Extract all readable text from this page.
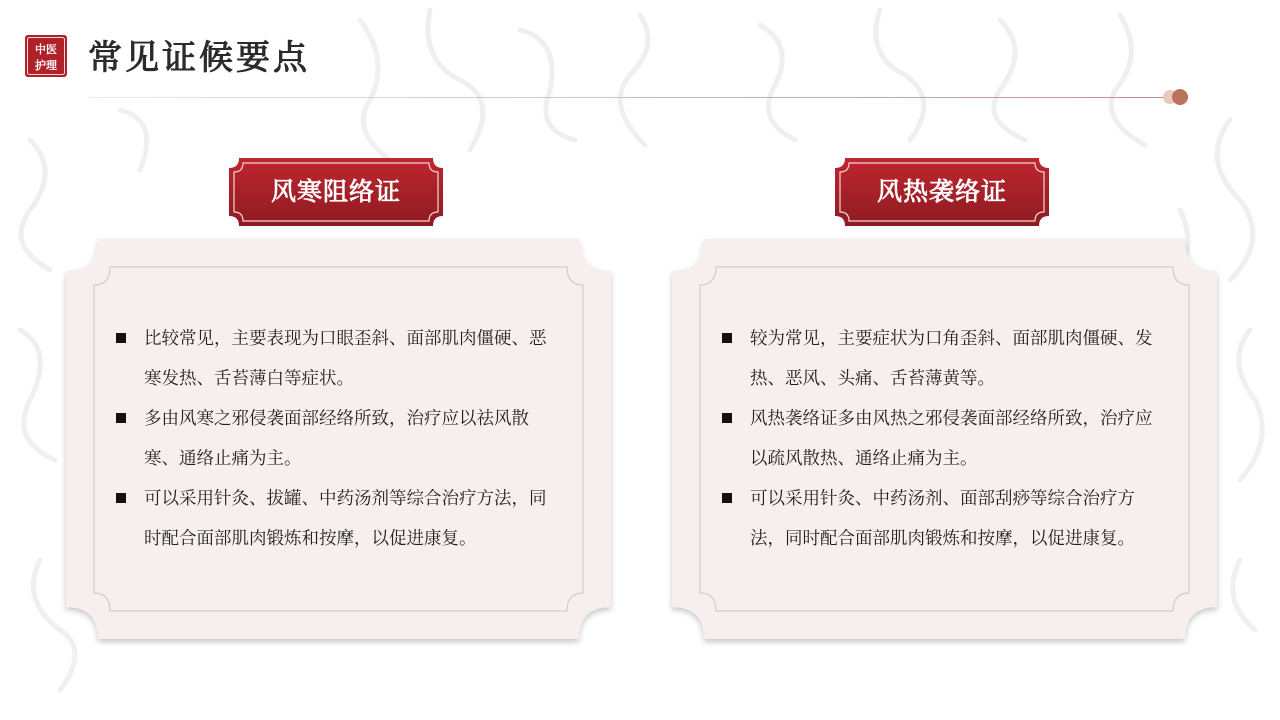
中医
护理 常见证候要点
风寒阻络证
比较常见，主要表现为口眼歪斜、面部肌肉僵硬、恶寒发热、舌苔薄白等症状。
多由风寒之邪侵袭面部经络所致，治疗应以祛风散寒、通络止痛为主。
可以采用针灸、拔罐、中药汤剂等综合治疗方法，同时配合面部肌肉锻炼和按摩，以促进康复。
风热袭络证
较为常见，主要症状为口角歪斜、面部肌肉僵硬、发热、恶风、头痛、舌苔薄黄等。
风热袭络证多由风热之邪侵袭面部经络所致，治疗应以疏风散热、通络止痛为主。
可以采用针灸、中药汤剂、面部刮痧等综合治疗方法，同时配合面部肌肉锻炼和按摩，以促进康复。
